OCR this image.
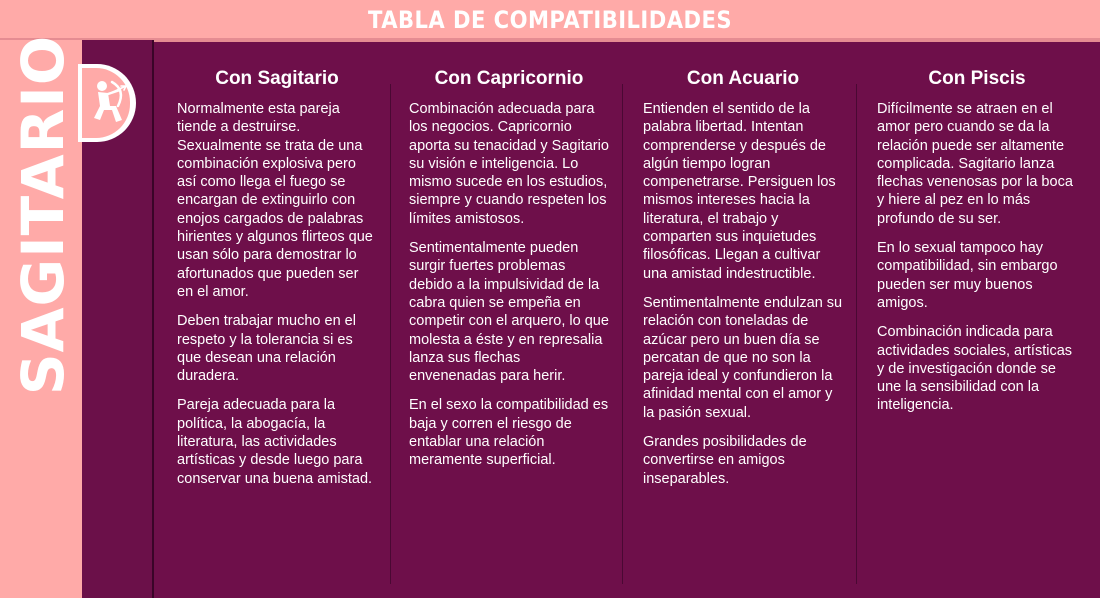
TABLA DE COMPATIBILIDADES
SAGITARIO	Con Sagitario

Normalmente esta pareja tiende a destruirse. Sexualmente se trata de una combinación explosiva pero así como llega el fuego se encargan de extinguirlo con enojos cargados de palabras hirientes y algunos flirteos que usan sólo para demostrar lo afortunados que pueden ser en el amor.

Deben trabajar mucho en el respeto y la tolerancia si es que desean una relación duradera.

Pareja adecuada para la política, la abogacía, la literatura, las actividades artísticas y desde luego para conservar una buena amistad.

Con Capricornio

Combinación adecuada para los negocios. Capricornio aporta su tenacidad y Sagitario su visión e inteligencia. Lo mismo sucede en los estudios, siempre y cuando respeten los límites amistosos.

Sentimentalmente pueden surgir fuertes problemas debido a la impulsividad de la cabra quien se empeña en competir con el arquero, lo que molesta a éste y en represalia lanza sus flechas envenenadas para herir.

En el sexo la compatibilidad es baja y corren el riesgo de entablar una relación meramente superficial.

Con Acuario

Entienden el sentido de la palabra libertad. Intentan comprenderse y después de algún tiempo logran compenetrarse. Persiguen los mismos intereses hacia la literatura, el trabajo y comparten sus inquietudes filosóficas. Llegan a cultivar una amistad indestructible.

Sentimentalmente endulzan su relación con toneladas de azúcar pero un buen día se percatan de que no son la pareja ideal y confundieron la afinidad mental con el amor y la pasión sexual.

Grandes posibilidades de convertirse en amigos inseparables.

Con Piscis

Difícilmente se atraen en el amor pero cuando se da la relación puede ser altamente complicada. Sagitario lanza flechas venenosas por la boca y hiere al pez en lo más profundo de su ser.

En lo sexual tampoco hay compatibilidad, sin embargo pueden ser muy buenos amigos.

Combinación indicada para actividades sociales, artísticas y de investigación donde se une la sensibilidad con la inteligencia.
